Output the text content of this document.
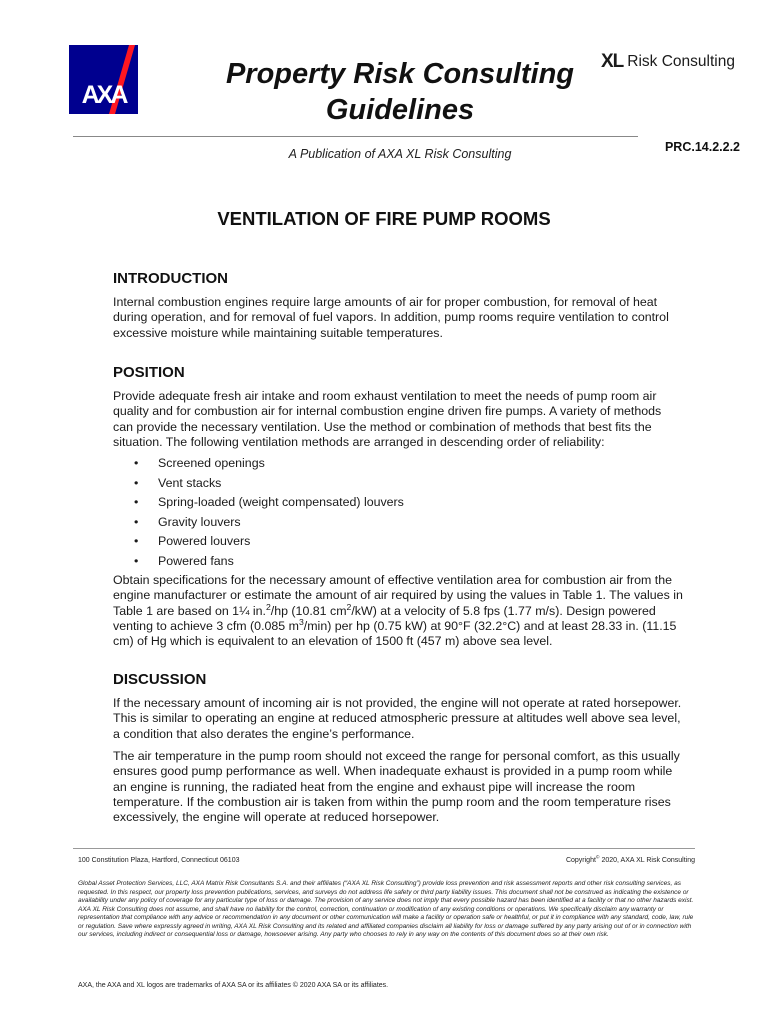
AXA
XL Risk Consulting
Property Risk Consulting
Guidelines
A Publication of AXA XL Risk Consulting	PRC.14.2.2.2
VENTILATION OF FIRE PUMP ROOMS
INTRODUCTION
Internal combustion engines require large amounts of air for proper combustion, for removal of heat during operation, and for removal of fuel vapors. In addition, pump rooms require ventilation to control excessive moisture while maintaining suitable temperatures.
POSITION
Provide adequate fresh air intake and room exhaust ventilation to meet the needs of pump room air quality and for combustion air for internal combustion engine driven fire pumps. A variety of methods can provide the necessary ventilation. Use the method or combination of methods that best fits the situation. The following ventilation methods are arranged in descending order of reliability:
• Screened openings
• Vent stacks
• Spring-loaded (weight compensated) louvers
• Gravity louvers
• Powered louvers
• Powered fans
Obtain specifications for the necessary amount of effective ventilation area for combustion air from the engine manufacturer or estimate the amount of air required by using the values in Table 1. The values in Table 1 are based on 1¼ in.$^2$/hp (10.81 $cm^2/kW$) at a velocity of 5.8 fps (1.77 m/s). Design powered venting to achieve 3 cfm (0.085 $m^3/\min$) per hp (0.75 kW) at 90°F (32.2°C) and at least 28.33 in. (11.15 cm) of Hg which is equivalent to an elevation of 1500 ft (457 m) above sea level.
DISCUSSION
If the necessary amount of incoming air is not provided, the engine will not operate at rated horsepower. This is similar to operating an engine at reduced atmospheric pressure at altitudes well above sea level, a condition that also derates the engine’s performance.
The air temperature in the pump room should not exceed the range for personal comfort, as this usually ensures good pump performance as well. When inadequate exhaust is provided in a pump room while an engine is running, the radiated heat from the engine and exhaust pipe will increase the room temperature. If the combustion air is taken from within the pump room and the room temperature rises excessively, the engine will operate at reduced horsepower.
100 Constitution Plaza, Hartford, Connecticut 06103	Copyright© 2020, AXA XL Risk Consulting
Global Asset Protection Services, LLC, AXA Matrix Risk Consultants S.A. and their affiliates (“AXA XL Risk Consulting”) provide loss prevention and risk assessment reports and other risk consulting services, as requested. In this respect, our property loss prevention publications, services, and surveys do not address life safety or third party liability issues. This document shall not be construed as indicating the existence or availability under any policy of coverage for any particular type of loss or damage. The provision of any service does not imply that every possible hazard has been identified at a facility or that no other hazards exist. AXA XL Risk Consulting does not assume, and shall have no liability for the control, correction, continuation or modification of any existing conditions or operations. We specifically disclaim any warranty or representation that compliance with any advice or recommendation in any document or other communication will make a facility or operation safe or healthful, or put it in compliance with any standard, code, law, rule or regulation. Save where expressly agreed in writing, AXA XL Risk Consulting and its related and affiliated companies disclaim all liability for loss or damage suffered by any party arising out of or in connection with our services, including indirect or consequential loss or damage, howsoever arising. Any party who chooses to rely in any way on the contents of this document does so at their own risk.
AXA, the AXA and XL logos are trademarks of AXA SA or its affiliates © 2020 AXA SA or its affiliates.
